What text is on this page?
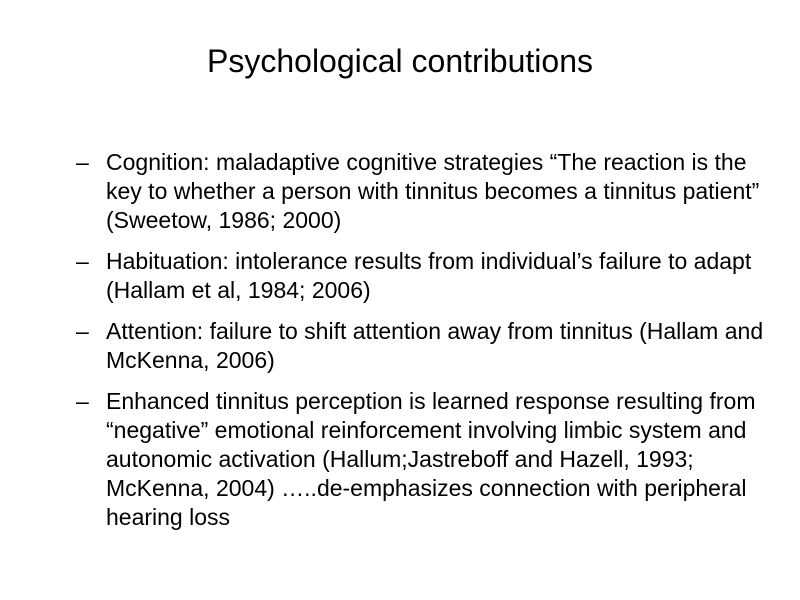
Psychological contributions
– Cognition: maladaptive cognitive strategies “The reaction is the key to whether a person with tinnitus becomes a tinnitus patient” (Sweetow, 1986; 2000)
– Habituation: intolerance results from individual’s failure to adapt (Hallam et al, 1984; 2006)
– Attention: failure to shift attention away from tinnitus (Hallam and McKenna, 2006)
– Enhanced tinnitus perception is learned response resulting from “negative” emotional reinforcement involving limbic system and autonomic activation (Hallum;Jastreboff and Hazell, 1993; McKenna, 2004) …..de-emphasizes connection with peripheral hearing loss
